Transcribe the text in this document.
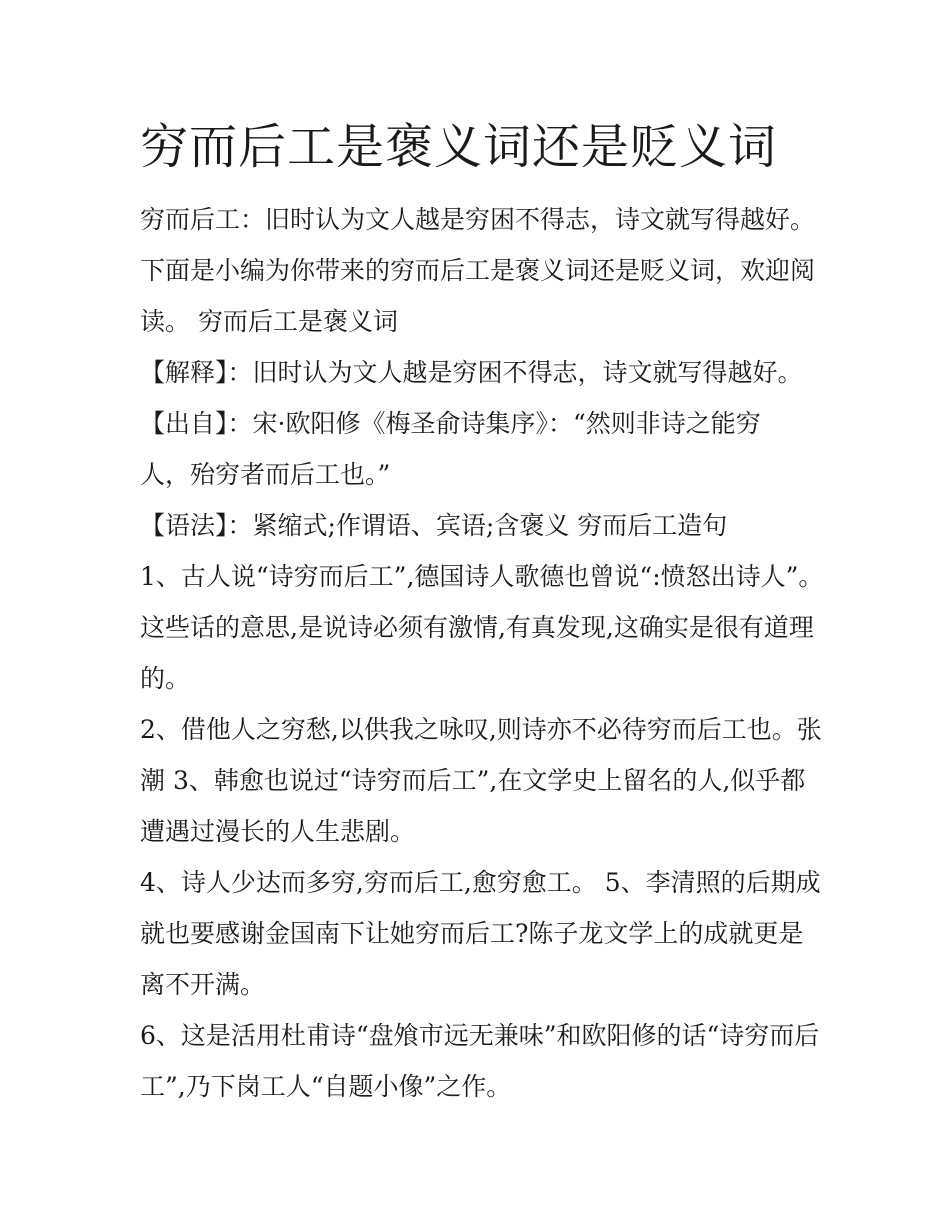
穷而后工是褒义词还是贬义词

穷而后工：旧时认为文人越是穷困不得志，诗文就写得越好。

下面是小编为你带来的穷而后工是褒义词还是贬义词，欢迎阅

读。 穷而后工是褒义词

【解释】：旧时认为文人越是穷困不得志，诗文就写得越好。

【出自】：宋·欧阳修《梅圣俞诗集序》：“然则非诗之能穷

人，殆穷者而后工也。”

【语法】：紧缩式;作谓语、宾语;含褒义 穷而后工造句

1、古人说“诗穷而后工”,德国诗人歌德也曾说“:愤怒出诗人”。

这些话的意思,是说诗必须有激情,有真发现,这确实是很有道理

的。

2、借他人之穷愁,以供我之咏叹,则诗亦不必待穷而后工也。张

潮 3、韩愈也说过“诗穷而后工”,在文学史上留名的人,似乎都

遭遇过漫长的人生悲剧。

4、诗人少达而多穷,穷而后工,愈穷愈工。 5、李清照的后期成

就也要感谢金国南下让她穷而后工?陈子龙文学上的成就更是

离不开满。

6、这是活用杜甫诗“盘飧市远无兼味”和欧阳修的话“诗穷而后

工”,乃下岗工人“自题小像”之作。
